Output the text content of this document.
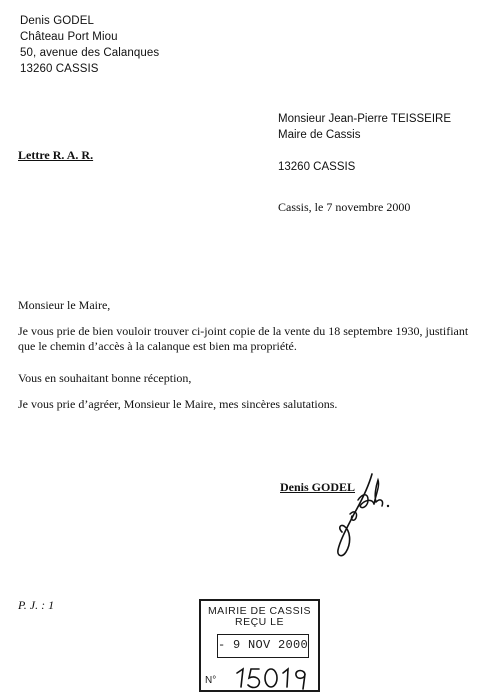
Denis GODEL
Château Port Miou
50, avenue des Calanques
13260 CASSIS
Lettre R. A. R.
Monsieur Jean-Pierre TEISSEIRE
Maire de Cassis
13260 CASSIS
Cassis, le 7 novembre 2000
Monsieur le Maire,
Je vous prie de bien vouloir trouver ci-joint copie de la vente du 18 septembre 1930, justifiant
que le chemin d’accès à la calanque est bien ma propriété.
Vous en souhaitant bonne réception,
Je vous prie d’agréer, Monsieur le Maire, mes sincères salutations.
Denis GODEL
P. J. : 1	MAIRIE DE CASSIS
REÇU LE
- 9 NOV 2000
N°
